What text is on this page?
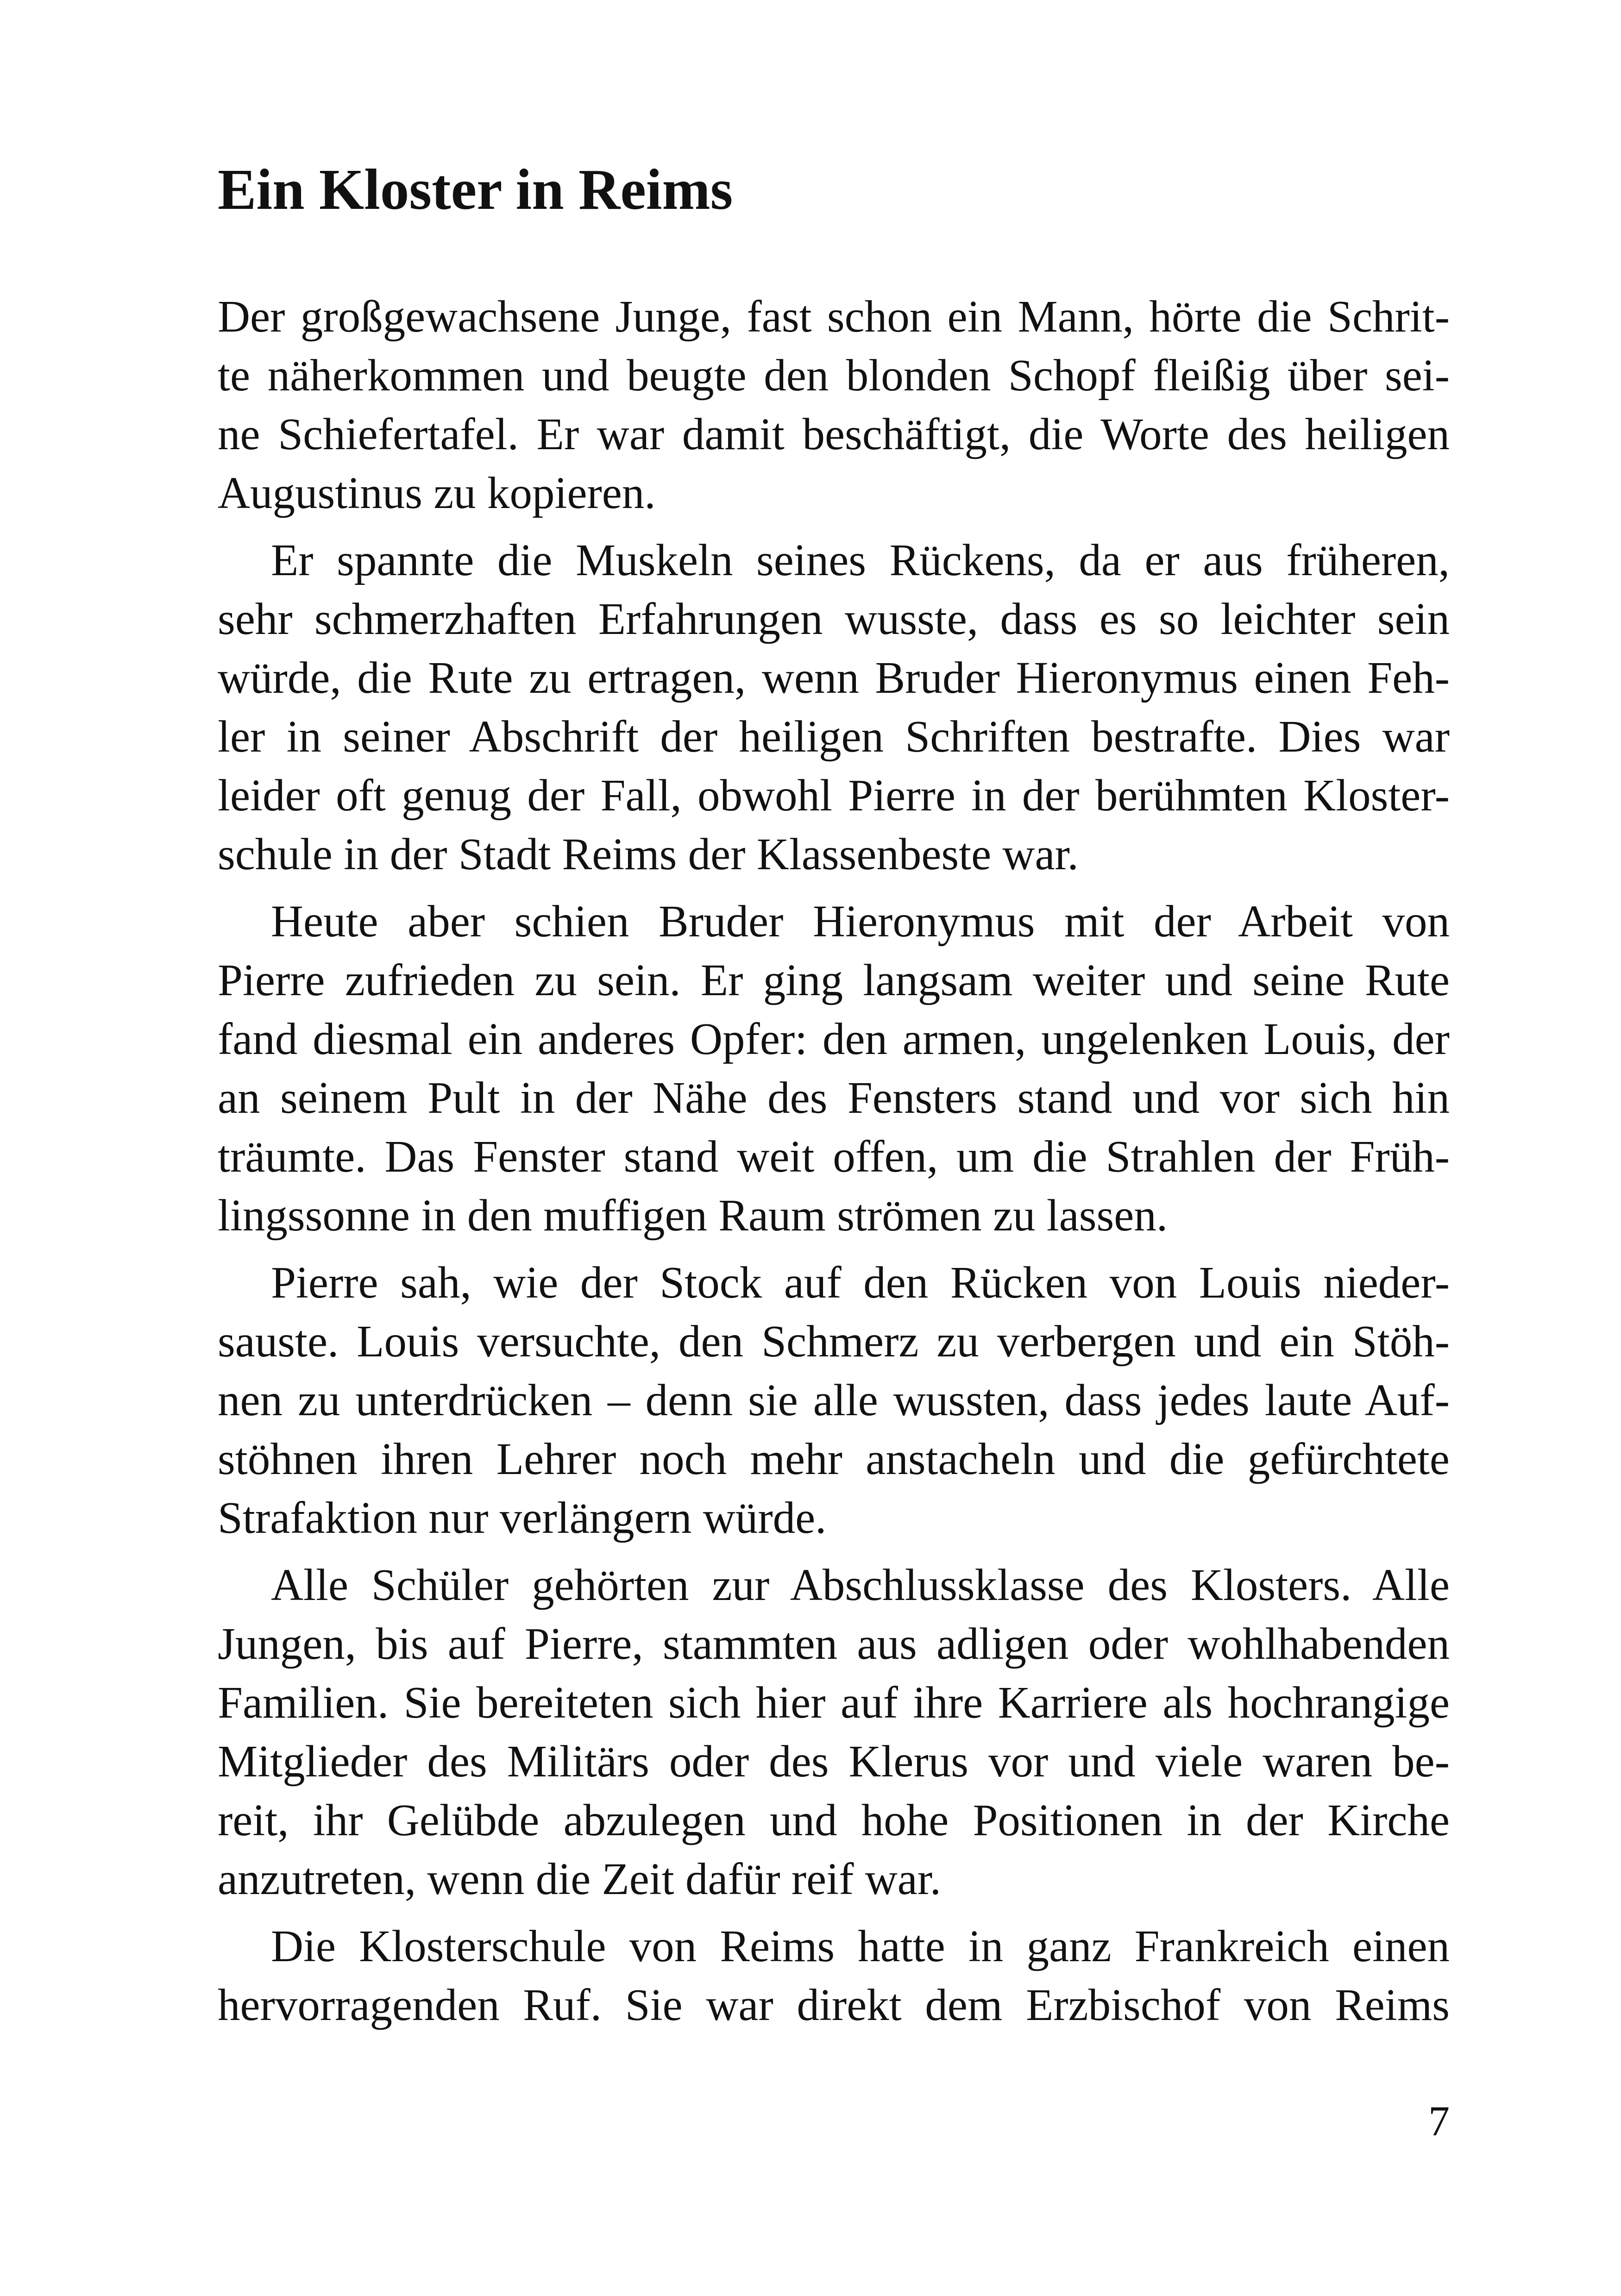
Ein Kloster in Reims
Der großgewachsene Junge, fast schon ein Mann, hörte die Schrit-
te näherkommen und beugte den blonden Schopf fleißig über sei-
ne Schiefertafel. Er war damit beschäftigt, die Worte des heiligen
Augustinus zu kopieren.
Er spannte die Muskeln seines Rückens, da er aus früheren,
sehr schmerzhaften Erfahrungen wusste, dass es so leichter sein
würde, die Rute zu ertragen, wenn Bruder Hieronymus einen Feh-
ler in seiner Abschrift der heiligen Schriften bestrafte. Dies war
leider oft genug der Fall, obwohl Pierre in der berühmten Kloster-
schule in der Stadt Reims der Klassenbeste war.
Heute aber schien Bruder Hieronymus mit der Arbeit von
Pierre zufrieden zu sein. Er ging langsam weiter und seine Rute
fand diesmal ein anderes Opfer: den armen, ungelenken Louis, der
an seinem Pult in der Nähe des Fensters stand und vor sich hin
träumte. Das Fenster stand weit offen, um die Strahlen der Früh-
lingssonne in den muffigen Raum strömen zu lassen.
Pierre sah, wie der Stock auf den Rücken von Louis nieder-
sauste. Louis versuchte, den Schmerz zu verbergen und ein Stöh-
nen zu unterdrücken – denn sie alle wussten, dass jedes laute Auf-
stöhnen ihren Lehrer noch mehr anstacheln und die gefürchtete
Strafaktion nur verlängern würde.
Alle Schüler gehörten zur Abschlussklasse des Klosters. Alle
Jungen, bis auf Pierre, stammten aus adligen oder wohlhabenden
Familien. Sie bereiteten sich hier auf ihre Karriere als hochrangige
Mitglieder des Militärs oder des Klerus vor und viele waren be-
reit, ihr Gelübde abzulegen und hohe Positionen in der Kirche
anzutreten, wenn die Zeit dafür reif war.
Die Klosterschule von Reims hatte in ganz Frankreich einen
hervorragenden Ruf. Sie war direkt dem Erzbischof von Reims
7
